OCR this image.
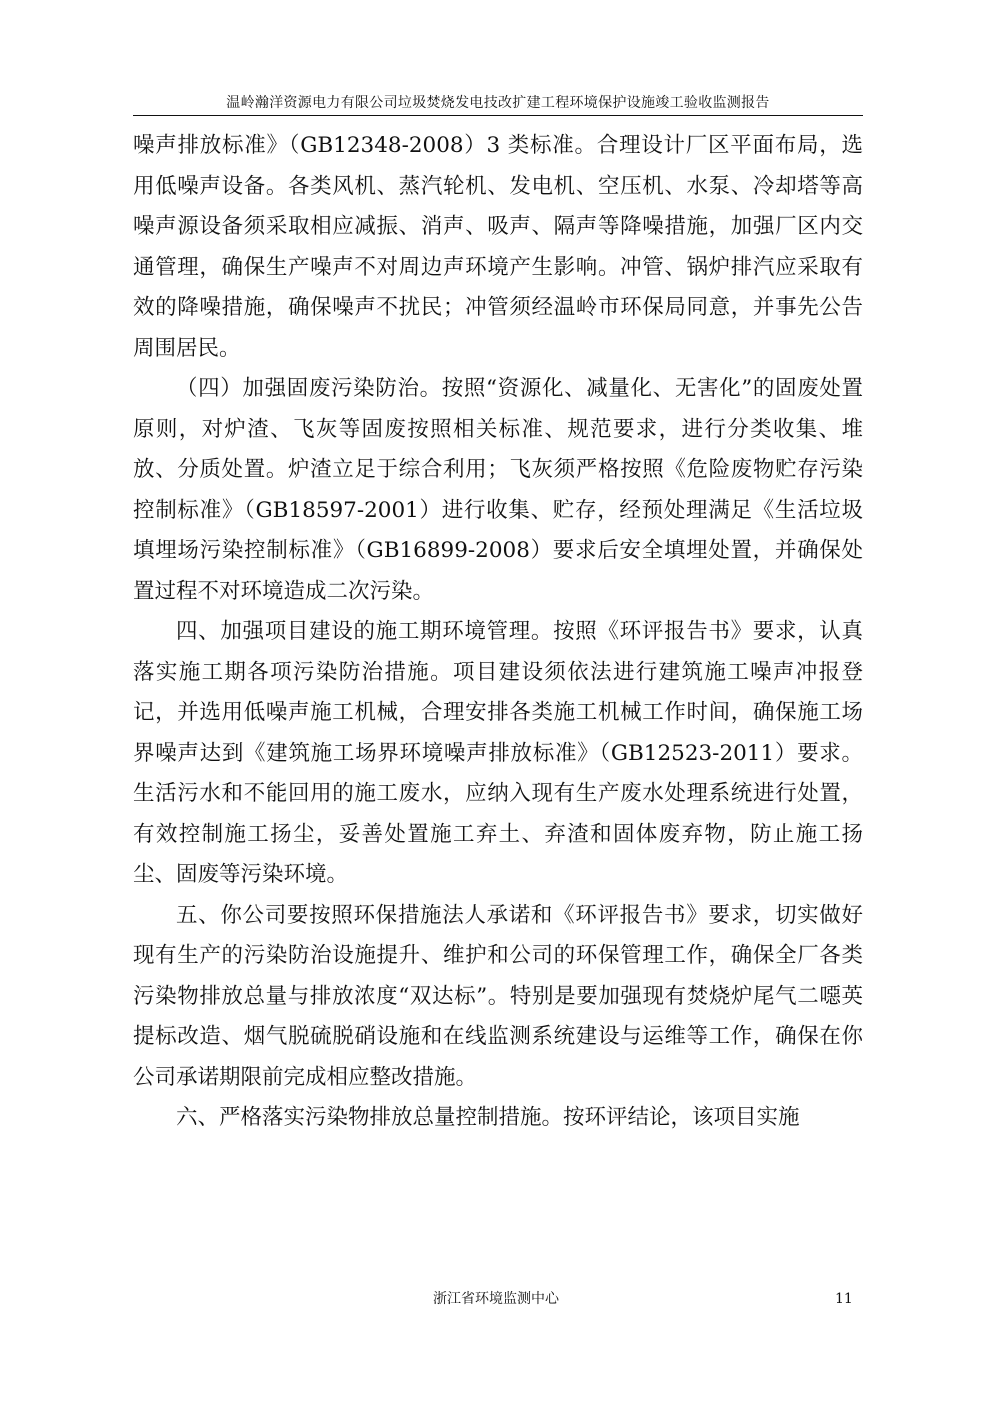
温岭瀚洋资源电力有限公司垃圾焚烧发电技改扩建工程环境保护设施竣工验收监测报告

噪声排放标准》（GB12348-2008）3 类标准。合理设计厂区平面布局，选用低噪声设备。各类风机、蒸汽轮机、发电机、空压机、水泵、冷却塔等高噪声源设备须采取相应减振、消声、吸声、隔声等降噪措施，加强厂区内交通管理，确保生产噪声不对周边声环境产生影响。冲管、锅炉排汽应采取有效的降噪措施，确保噪声不扰民；冲管须经温岭市环保局同意，并事先公告周围居民。

（四）加强固废污染防治。按照“资源化、减量化、无害化”的固废处置原则，对炉渣、飞灰等固废按照相关标准、规范要求，进行分类收集、堆放、分质处置。炉渣立足于综合利用；飞灰须严格按照《危险废物贮存污染控制标准》（GB18597-2001）进行收集、贮存，经预处理满足《生活垃圾填埋场污染控制标准》（GB16899-2008）要求后安全填埋处置，并确保处置过程不对环境造成二次污染。

四、加强项目建设的施工期环境管理。按照《环评报告书》要求，认真落实施工期各项污染防治措施。项目建设须依法进行建筑施工噪声冲报登记，并选用低噪声施工机械，合理安排各类施工机械工作时间，确保施工场界噪声达到《建筑施工场界环境噪声排放标准》（GB12523-2011）要求。生活污水和不能回用的施工废水，应纳入现有生产废水处理系统进行处置，有效控制施工扬尘，妥善处置施工弃土、弃渣和固体废弃物，防止施工扬尘、固废等污染环境。

五、你公司要按照环保措施法人承诺和《环评报告书》要求，切实做好现有生产的污染防治设施提升、维护和公司的环保管理工作，确保全厂各类污染物排放总量与排放浓度“双达标”。特别是要加强现有焚烧炉尾气二噁英提标改造、烟气脱硫脱硝设施和在线监测系统建设与运维等工作，确保在你公司承诺期限前完成相应整改措施。

六、严格落实污染物排放总量控制措施。按环评结论，该项目实施

浙江省环境监测中心	11
